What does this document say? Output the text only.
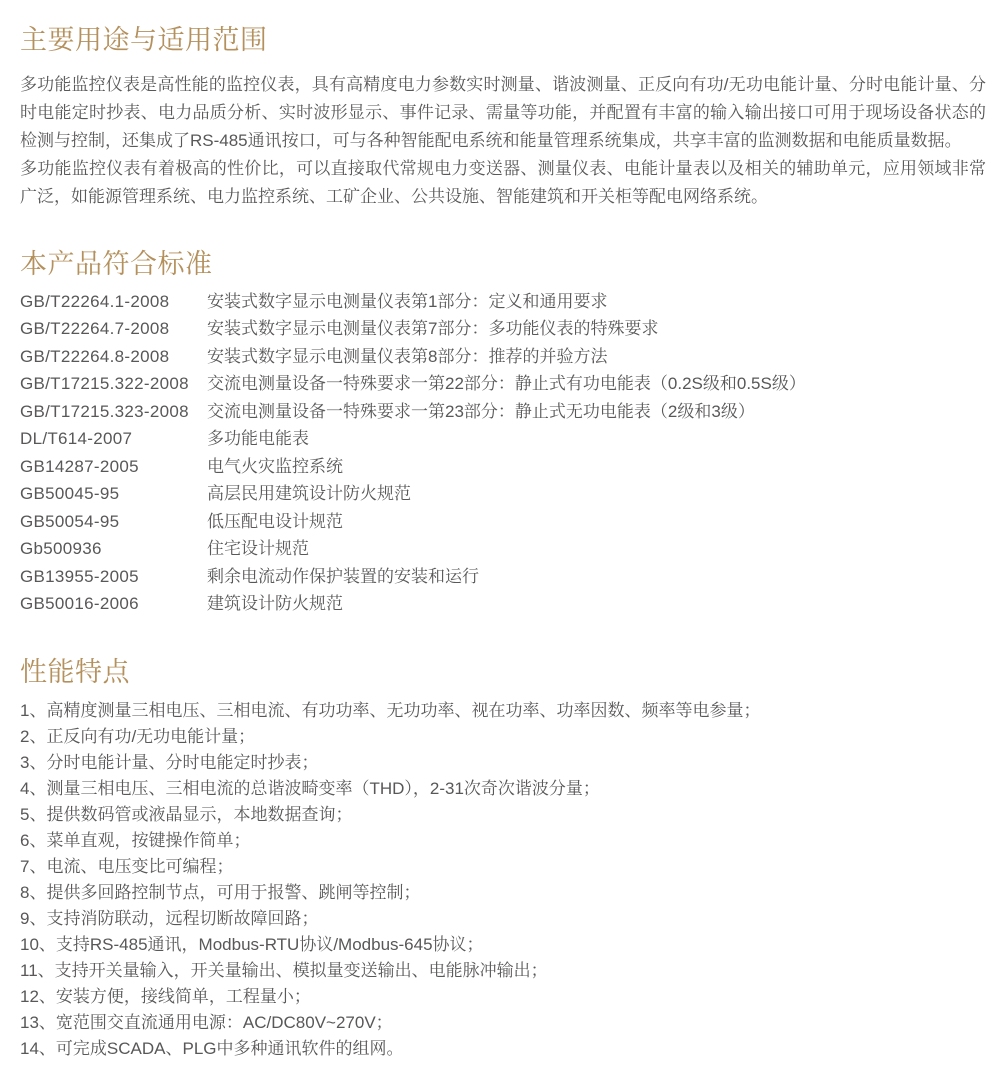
主要用途与适用范围

多功能监控仪表是高性能的监控仪表，具有高精度电力参数实时测量、谐波测量、正反向有功/无功电能计量、分时电能计量、分时电能定时抄表、电力品质分析、实时波形显示、事件记录、需量等功能，并配置有丰富的输入输出接口可用于现场设备状态的检测与控制，还集成了RS-485通讯按口，可与各种智能配电系统和能量管理系统集成，共享丰富的监测数据和电能质量数据。

多功能监控仪表有着极高的性价比，可以直接取代常规电力变送器、测量仪表、电能计量表以及相关的辅助单元，应用领域非常广泛，如能源管理系统、电力监控系统、工矿企业、公共设施、智能建筑和开关柜等配电网络系统。

本产品符合标准
GB/T22264.1-2008	安装式数字显示电测量仪表第1部分：定义和通用要求
GB/T22264.7-2008	安装式数字显示电测量仪表第7部分：多功能仪表的特殊要求
GB/T22264.8-2008	安装式数字显示电测量仪表第8部分：推荐的并验方法
GB/T17215.322-2008	交流电测量设备一特殊要求一第22部分：静止式有功电能表（0.2S级和0.5S级）
GB/T17215.323-2008	交流电测量设备一特殊要求一第23部分：静止式无功电能表（2级和3级）
DL/T614-2007	多功能电能表
GB14287-2005	电气火灾监控系统
GB50045-95	高层民用建筑设计防火规范
GB50054-95	低压配电设计规范
Gb500936	住宅设计规范
GB13955-2005	剩余电流动作保护装置的安装和运行
GB50016-2006	建筑设计防火规范
性能特点
1、高精度测量三相电压、三相电流、有功功率、无功功率、视在功率、功率因数、频率等电参量；
2、正反向有功/无功电能计量；
3、分时电能计量、分时电能定时抄表；
4、测量三相电压、三相电流的总谐波畸变率（THD），2-31次奇次谐波分量；
5、提供数码管或液晶显示，本地数据查询；
6、菜单直观，按键操作简单；
7、电流、电压变比可编程；
8、提供多回路控制节点，可用于报警、跳闸等控制；
9、支持消防联动，远程切断故障回路；
10、支持RS-485通讯，Modbus-RTU协议/Modbus-645协议；
11、支持开关量输入，开关量输出、模拟量变送输出、电能脉冲输出；
12、安装方便，接线简单，工程量小；
13、宽范围交直流通用电源：AC/DC80V~270V；
14、可完成SCADA、PLG中多种通讯软件的组网。
